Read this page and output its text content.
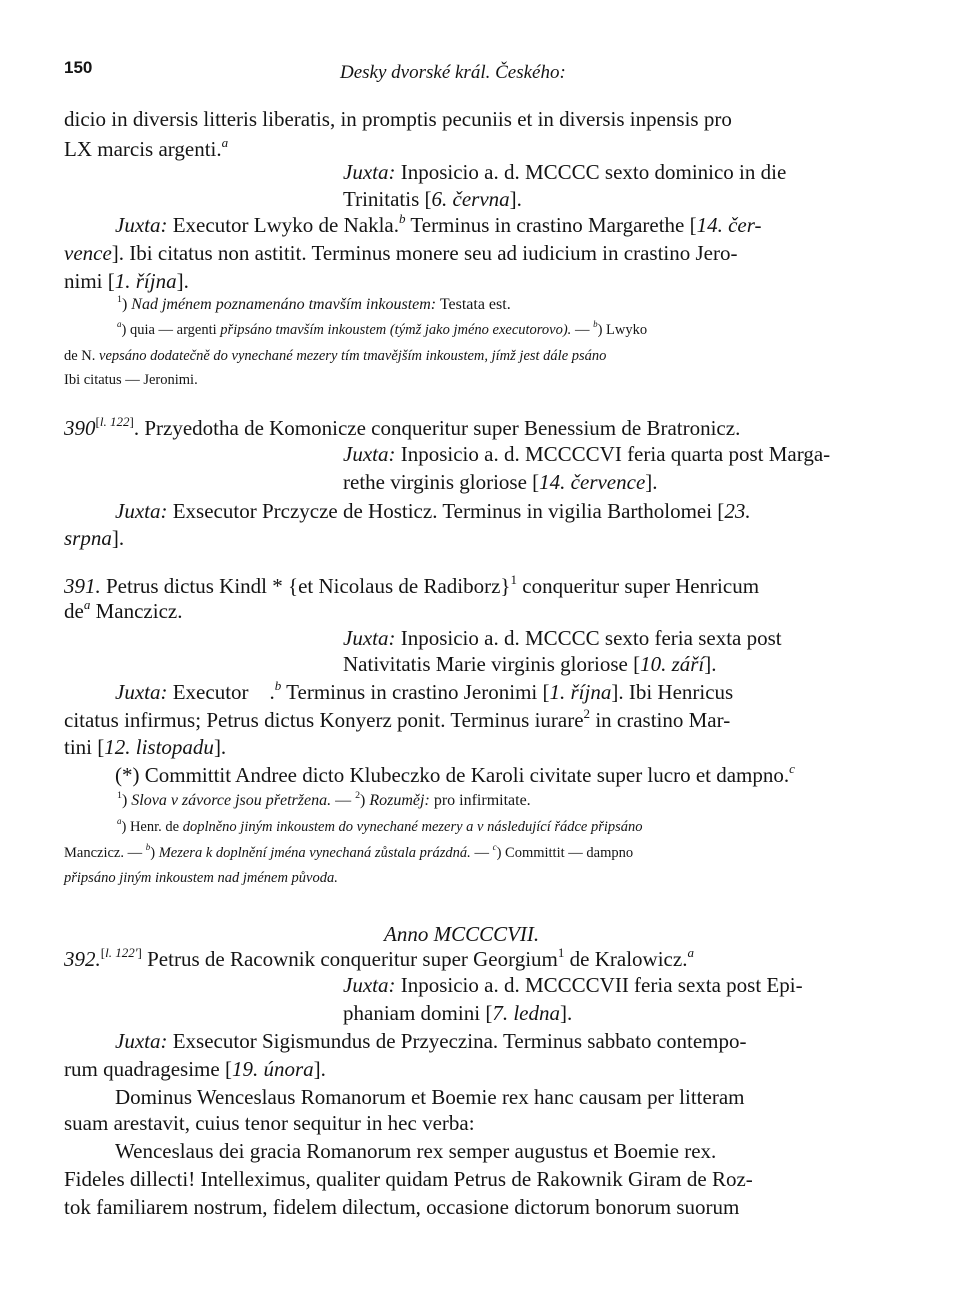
150	Desky dvorské král. Českého:
dicio in diversis litteris liberatis, in promptis pecuniis et in diversis inpensis pro
LX marcis argenti.$^a$
Juxta: Inposicio a. d. MCCCC sexto dominico in die
Trinitatis [6. června].
Juxta: Executor Lwyko de Nakla.$^b$ Terminus in crastino Margarethe [14. čer-
vence]. Ibi citatus non astitit. Terminus monere seu ad iudicium in crastino Jero-
nimi [1. října].
$^1$) Nad jménem poznamenáno tmavším inkoustem: Testata est.
$^a$) quia — argenti připsáno tmavším inkoustem (týmž jako jméno executorovo). — $^b$) Lwyko
de N. vepsáno dodatečně do vynechané mezery tím tmavějším inkoustem, jímž jest dále psáno
Ibi citatus — Jeronimi.
390[l. 122]. Przyedotha de Komonicze conqueritur super Benessium de Bratronicz.
Juxta: Inposicio a. d. MCCCCVI feria quarta post Marga-
rethe virginis gloriose [14. července].
Juxta: Exsecutor Prczycze de Hosticz. Terminus in vigilia Bartholomei [23.
srpna].
391. Petrus dictus Kindl * {et Nicolaus de Radiborz}$^1$ conqueritur super Henricum
$de^a$ Manczicz.
Juxta: Inposicio a. d. MCCCC sexto feria sexta post
Nativitatis Marie virginis gloriose [10. září].
Juxta: Executor    .$^b$ Terminus in crastino Jeronimi [1. října]. Ibi Henricus
citatus infirmus; Petrus dictus Konyerz ponit. Terminus iurare$^2$ in crastino Mar-
tini [12. listopadu].
(*) Committit Andree dicto Klubeczko de Karoli civitate super lucro et dampno.$^c$
$^1$) Slova v závorce jsou přetržena. — $^2$) Rozuměj: pro infirmitate.
$^a$) Henr. de doplněno jiným inkoustem do vynechané mezery a v následující řádce připsáno
Manczicz. — $^b$) Mezera k doplnění jména vynechaná zůstala prázdná. — $^c$) Committit — dampno
připsáno jiným inkoustem nad jménem původa.
Anno MCCCCVII.
392.[l. 122'] Petrus de Racownik conqueritur super Georgium$^1$ de Kralowicz.$^a$
Juxta: Inposicio a. d. MCCCCVII feria sexta post Epi-
phaniam domini [7. ledna].
Juxta: Exsecutor Sigismundus de Przyeczina. Terminus sabbato contempo-
rum quadragesime [19. února].
Dominus Wenceslaus Romanorum et Boemie rex hanc causam per litteram
suam arestavit, cuius tenor sequitur in hec verba:
Wenceslaus dei gracia Romanorum rex semper augustus et Boemie rex.
Fideles dillecti! Intelleximus, qualiter quidam Petrus de Rakownik Giram de Roz-
tok familiarem nostrum, fidelem dilectum, occasione dictorum bonorum suorum
